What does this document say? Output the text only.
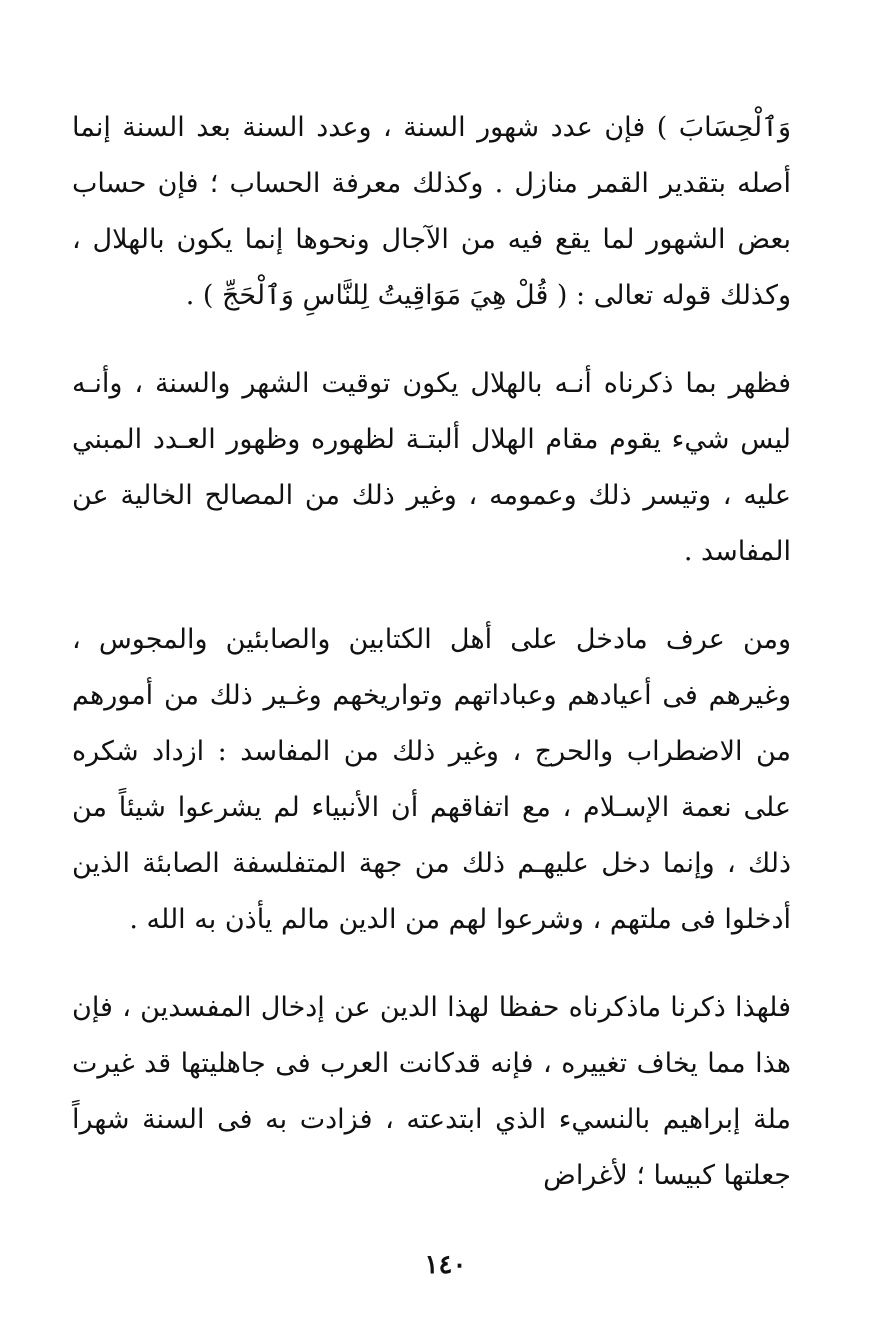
وَٱلْحِسَابَ ) فإن عدد شهور السنة ، وعدد السنة بعد السنة إنما أصله بتقدير القمر منازل . وكذلك معرفة الحساب ؛ فإن حساب بعض الشهور لما يقع فيه من الآجال ونحوها إنما يكون بالهلال ، وكذلك قوله تعالى : ( قُلْ هِيَ مَوَاقِيتُ لِلنَّاسِ وَٱلْحَجِّ ) .

فظهر بما ذكرناه أنـه بالهلال يكون توقيت الشهر والسنة ، وأنـه ليس شيء يقوم مقام الهلال ألبتـة لظهوره وظهور العـدد المبني عليه ، وتيسر ذلك وعمومه ، وغير ذلك من المصالح الخالية عن المفاسد .

ومن عرف مادخل على أهل الكتابين والصابئين والمجوس ، وغيرهم فى أعيادهم وعباداتهم وتواريخهم وغـير ذلك من أمورهم من الاضطراب والحرج ، وغير ذلك من المفاسد : ازداد شكره على نعمة الإسـلام ، مع اتفاقهم أن الأنبياء لم يشرعوا شيئاً من ذلك ، وإنما دخل عليهـم ذلك من جهة المتفلسفة الصابئة الذين أدخلوا فى ملتهم ، وشرعوا لهم من الدين مالم يأذن به الله .

فلهذا ذكرنا ماذكرناه حفظا لهذا الدين عن إدخال المفسدين ، فإن هذا مما يخاف تغييره ، فإنه قدكانت العرب فى جاهليتها قد غيرت ملة إبراهيم بالنسيء الذي ابتدعته ، فزادت به فى السنة شهراً جعلتها كبيسا ؛ لأغراض

١٤٠
